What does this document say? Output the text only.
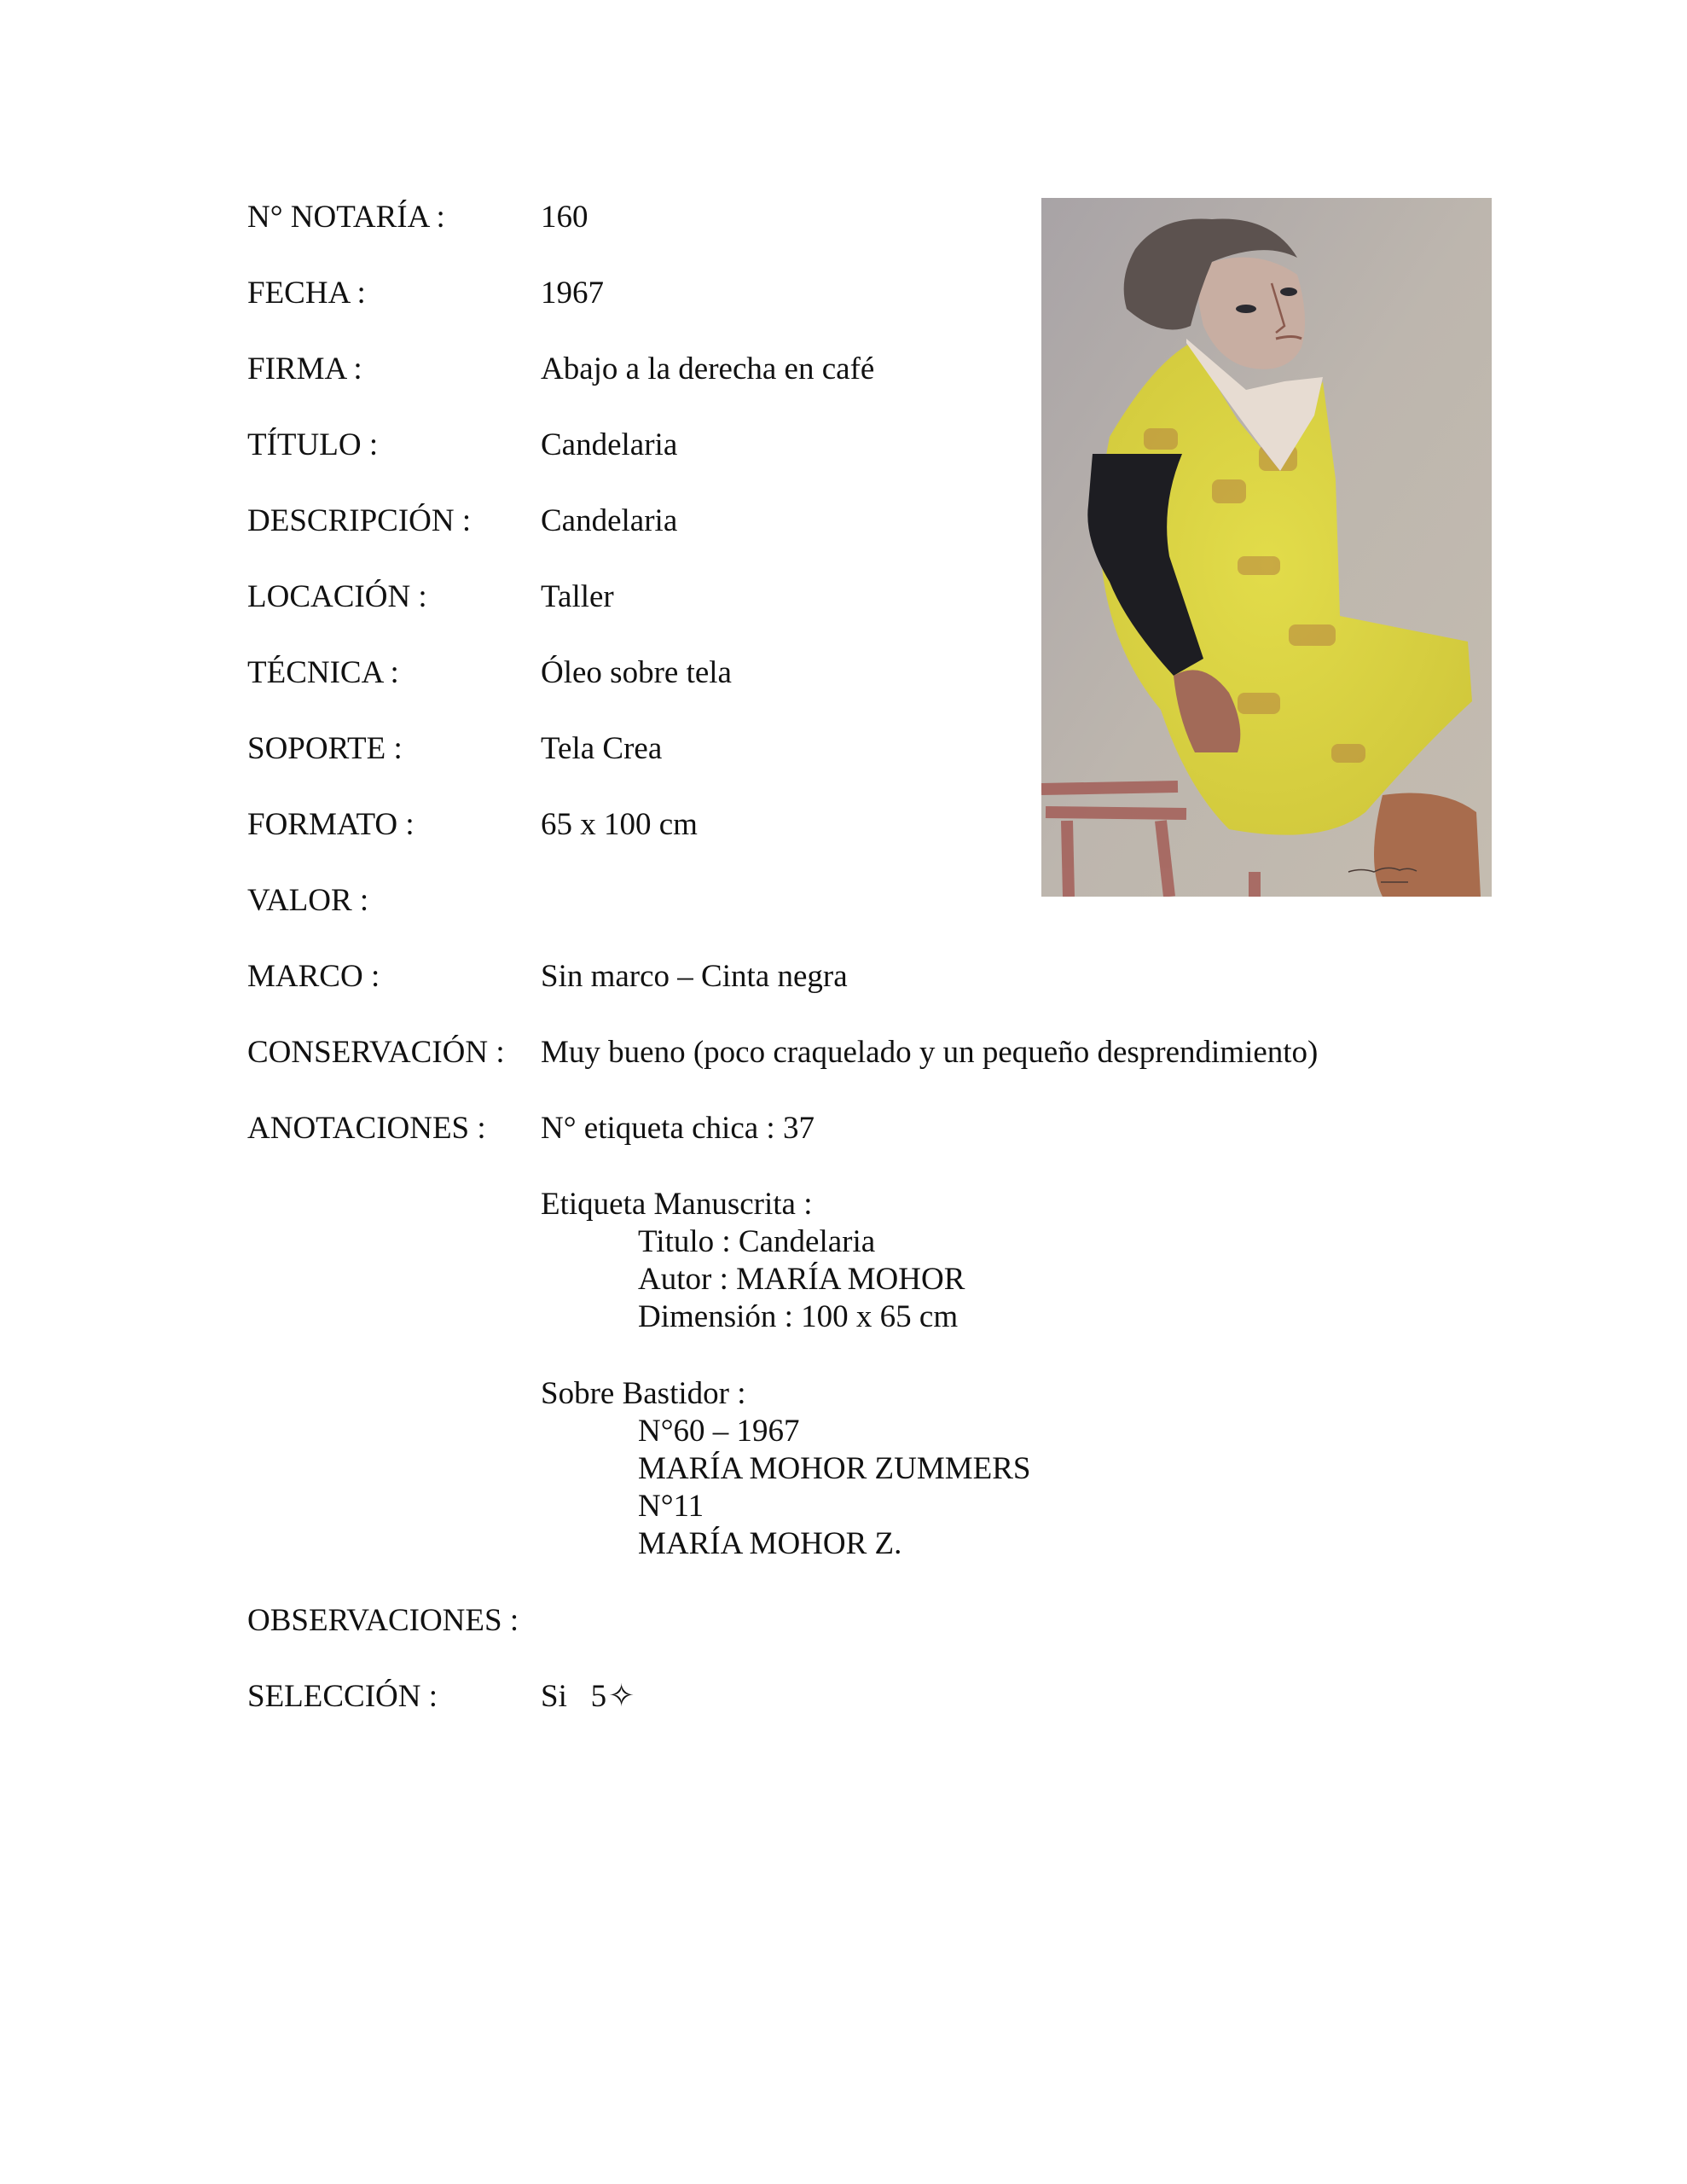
N° NOTARÍA :	160
FECHA :	1967
FIRMA :	Abajo a la derecha en café
TÍTULO :	Candelaria
DESCRIPCIÓN : Candelaria
LOCACIÓN :	Taller
TÉCNICA :	Óleo sobre tela
SOPORTE :	Tela Crea
FORMATO :	65 x 100 cm
VALOR :
MARCO :	Sin marco – Cinta negra
CONSERVACIÓN : Muy bueno (poco craquelado y un pequeño desprendimiento)
ANOTACIONES : N° etiqueta chica : 37
Etiqueta Manuscrita :
Titulo : Candelaria
Autor : MARÍA MOHOR
Dimensión : 100 x 65 cm
Sobre Bastidor :
N°60 – 1967
MARÍA MOHOR ZUMMERS
N°11
MARÍA MOHOR Z.
OBSERVACIONES :
SELECCIÓN :	Si   5✧
